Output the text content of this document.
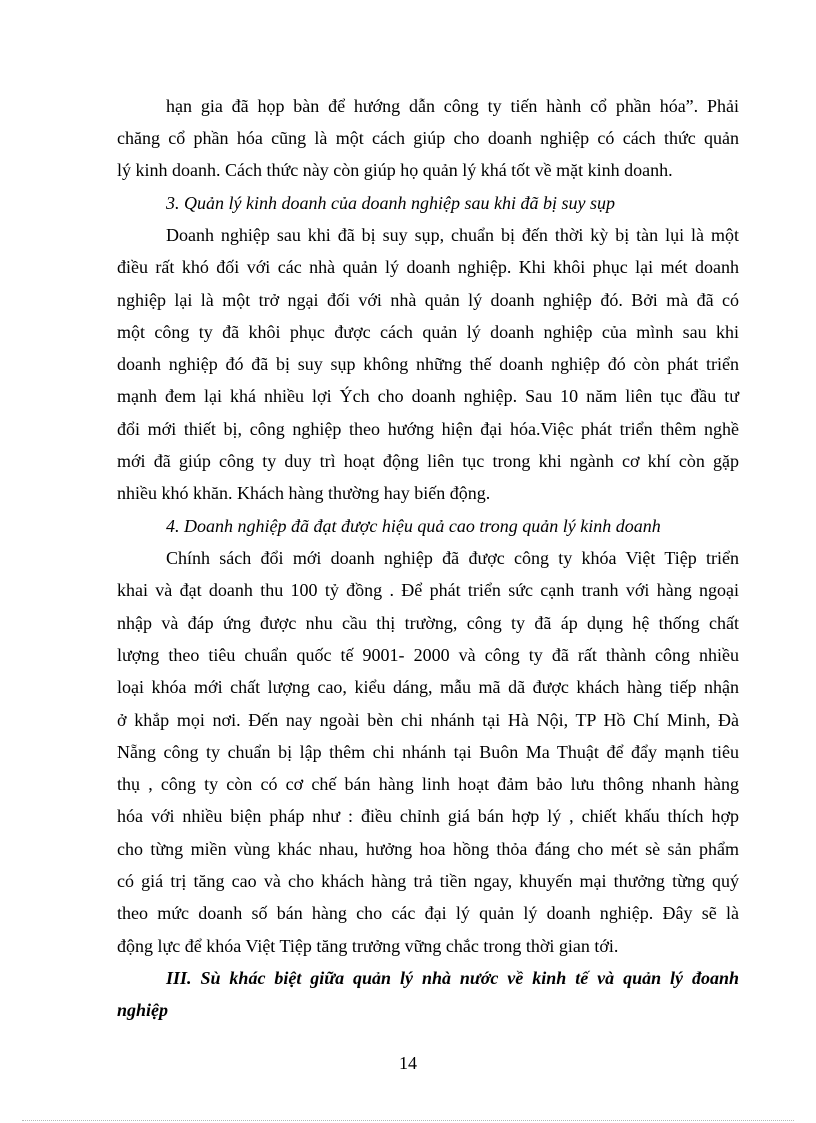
hạn gia đã họp bàn để hướng dẫn công ty tiến hành cổ phần hóa”. Phải
chăng cổ phần hóa cũng là một cách giúp cho doanh nghiệp có cách thức quản
lý kinh doanh. Cách thức này còn giúp họ quản lý khá tốt về mặt kinh doanh.
3. Quản lý kinh doanh của doanh nghiệp sau khi đã bị suy sụp
Doanh nghiệp sau khi đã bị suy sụp, chuẩn bị đến thời kỳ bị tàn lụi là một
điều rất khó đối với các nhà quản lý doanh nghiệp. Khi khôi phục lại mét doanh
nghiệp lại là một trở ngại đối với nhà quản lý doanh nghiệp đó. Bởi mà đã có
một công ty đã khôi phục được cách quản lý doanh nghiệp của mình sau khi
doanh nghiệp đó đã bị suy sụp không những thế doanh nghiệp đó còn phát triển
mạnh đem lại khá nhiều lợi Ých cho doanh nghiệp. Sau 10 năm liên tục đầu tư
đổi mới thiết bị, công nghiệp theo hướng hiện đại hóa.Việc phát triển thêm nghề
mới đã giúp công ty duy trì hoạt động liên tục trong khi ngành cơ khí còn gặp
nhiều khó khăn. Khách hàng thường hay biến động.
4. Doanh nghiệp đã đạt được hiệu quả cao trong quản lý kinh doanh
Chính sách đổi mới doanh nghiệp đã được công ty khóa Việt Tiệp triển
khai và đạt doanh thu 100 tỷ đồng . Để phát triển sức cạnh tranh với hàng ngoại
nhập và đáp ứng được nhu cầu thị trường, công ty đã áp dụng hệ thống chất
lượng theo tiêu chuẩn quốc tế 9001- 2000 và công ty đã rất thành công nhiều
loại khóa mới chất lượng cao, kiểu dáng, mẫu mã dã được khách hàng tiếp nhận
ở khắp mọi nơi. Đến nay ngoài bèn chi nhánh tại Hà Nội, TP Hồ Chí Minh, Đà
Nẵng công ty chuẩn bị lập thêm chi nhánh tại Buôn Ma Thuật để đẩy mạnh tiêu
thụ , công ty còn có cơ chế bán hàng linh hoạt đảm bảo lưu thông nhanh hàng
hóa với nhiều biện pháp như : điều chỉnh giá bán hợp lý , chiết khấu thích hợp
cho từng miền vùng khác nhau, hưởng hoa hồng thỏa đáng cho mét sè sản phẩm
có giá trị tăng cao và cho khách hàng trả tiền ngay, khuyến mại thưởng từng quý
theo mức doanh số bán hàng cho các đại lý quản lý doanh nghiệp. Đây sẽ là
động lực để khóa Việt Tiệp tăng trưởng vững chắc trong thời gian tới.
III. Sù khác biệt giữa quản lý nhà nước về kinh tế và quản lý đoanh
nghiệp
14
